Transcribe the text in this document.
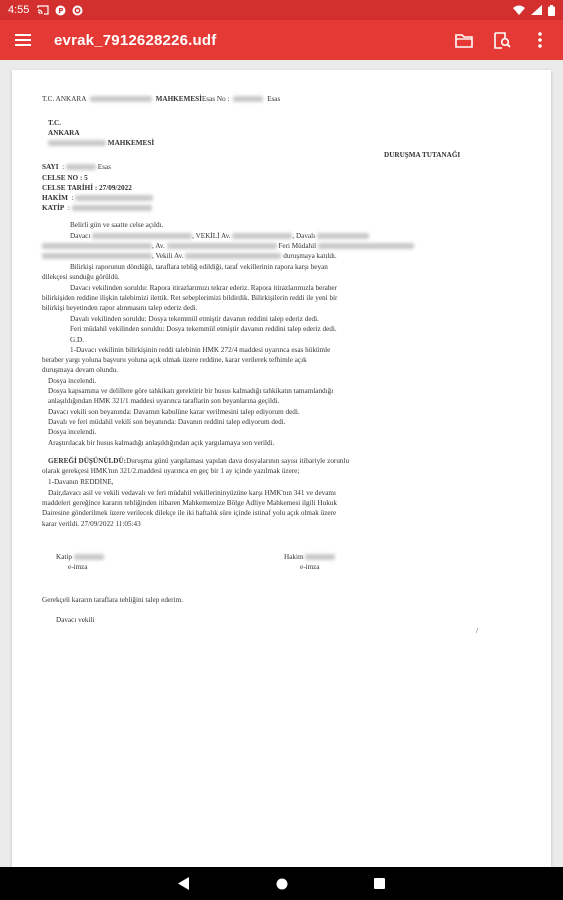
4:55	P
evrak_7912628226.udf
T.C. ANKARA	MAHKEMESİEsas No :	Esas
T.C.
ANKARA
MAHKEMESİ
DURUŞMA TUTANAĞI
SAYI  :	Esas
CELSE NO : 5
CELSE TARİHİ : 27/09/2022
HAKİM  :
KATİP  :
Belirli gün ve saatte celse açıldı.
Davacı	, VEKİLİ Av.	, Davalı
, Av.	Feri Müdahil
, Vekili Av.	duruşmaya katıldı.
Bilirkişi raporunun döndüğü, taraflara tebliğ edildiği, taraf vekillerinin rapora karşı beyan
dilekçesi sunduğu görüldü.
Davacı vekilinden soruldu: Rapora itirazlarımızı tekrar ederiz. Rapora itirazlarımızla beraber
bilirkişiden reddine ilişkin talebimizi ilettik. Ret sebeplerimizi bildirdik. Bilirkişilerin reddi ile yeni bir
bilirkişi heyetinden rapor alınmasını talep ederiz dedi.
Davalı vekilinden soruldu: Dosya tekemmül etmiştir davanın reddini talep ederiz dedi.
Feri müdahil vekilinden soruldu: Dosya tekemmül etmiştir davanın reddini talep ederiz dedi.
G.D.
1-Davacı vekilinin bilirkişinin reddi talebinin HMK 272/4 maddesi uyarınca esas hükümle
beraber yargı yoluna başvuru yoluna açık olmak üzere reddine, karar verilerek tefhimle açık
duruşmaya devam olundu.
Dosya incelendi.
Dosya kapsamına ve delillere göre tahkikatı gerektirir bir husus kalmadığı tahkikatın tamamlandığı
anlaşıldığından HMK 321/1 maddesi uyarınca taraflarin son beyanlarına geçildi.
Davacı vekili son beyanında: Davamın kabulüne karar verilmesini talep ediyorum dedi.
Davalı ve feri müdahil vekili son beyanında: Davanın reddini talep ediyorum dedi.
Dosya incelendi.
Araştırılacak bir husus kalmadığı anlaşıldığından açık yargılamaya son verildi.
GEREĞİ DÜŞÜNÜLDÜ:Duruşma günü yargılaması yapılan dava dosyalarının sayısı itibariyle zorunlu
olarak gerekçesi HMK'nın 321/2.maddesi uyarınca en geç bir 1 ay içinde yazılmak üzere;
1-Davanın REDDİNE,
Dair,davacı asil ve vekili vedavalı ve feri müdahil vekillerininyüzüne karşı HMK'nın 341 ve devamı
maddeleri gereğince kararın tebliğinden itibaren Mahkememize Bölge Adliye Mahkemesi ilgili Hukuk
Dairesine gönderilmek üzere verilecek dilekçe ile iki haftalık süre içinde istinaf yolu açık olmak üzere
karar verildi. 27/09/2022 11:05:43
Katip	Hakim
e-imza	e-imza
Gerekçeli kararın taraflara tebliğini talep ederim.
Davacı vekili
/
